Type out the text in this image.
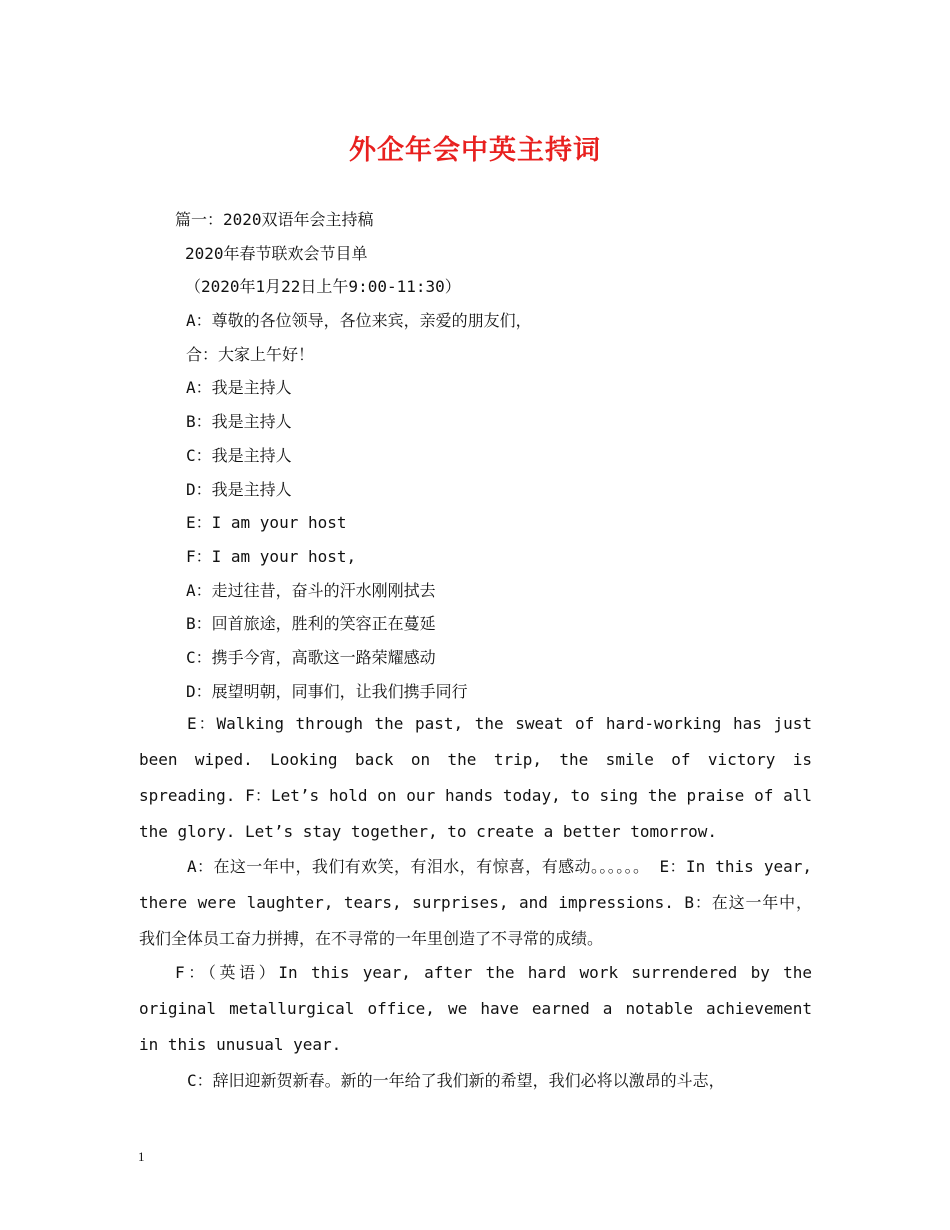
外企年会中英主持词
篇一：2020双语年会主持稿
2020年春节联欢会节目单
（2020年1月22日上午9:00-11:30）
A：尊敬的各位领导，各位来宾，亲爱的朋友们，
合：大家上午好！
A：我是主持人
B：我是主持人
C：我是主持人
D：我是主持人
E：I am your host
F：I am your host,
A：走过往昔，奋斗的汗水刚刚拭去
B：回首旅途，胜利的笑容正在蔓延
C：携手今宵，高歌这一路荣耀感动
D：展望明朝，同事们，让我们携手同行
E：Walking through the past, the sweat of hard-working has just been wiped. Looking back on the trip, the smile of victory is spreading. F：Let’s hold on our hands today, to sing the praise of all the glory. Let’s stay together, to create a better tomorrow.
A：在这一年中，我们有欢笑，有泪水，有惊喜，有感动。。。。。。 E：In this year, there were laughter, tears, surprises, and impressions. B：在这一年中，我们全体员工奋力拼搏，在不寻常的一年里创造了不寻常的成绩。
F：（英语）In this year, after the hard work surrendered by the original metallurgical office, we have earned a notable achievement in this unusual year.
C：辞旧迎新贺新春。新的一年给了我们新的希望，我们必将以激昂的斗志，
1
